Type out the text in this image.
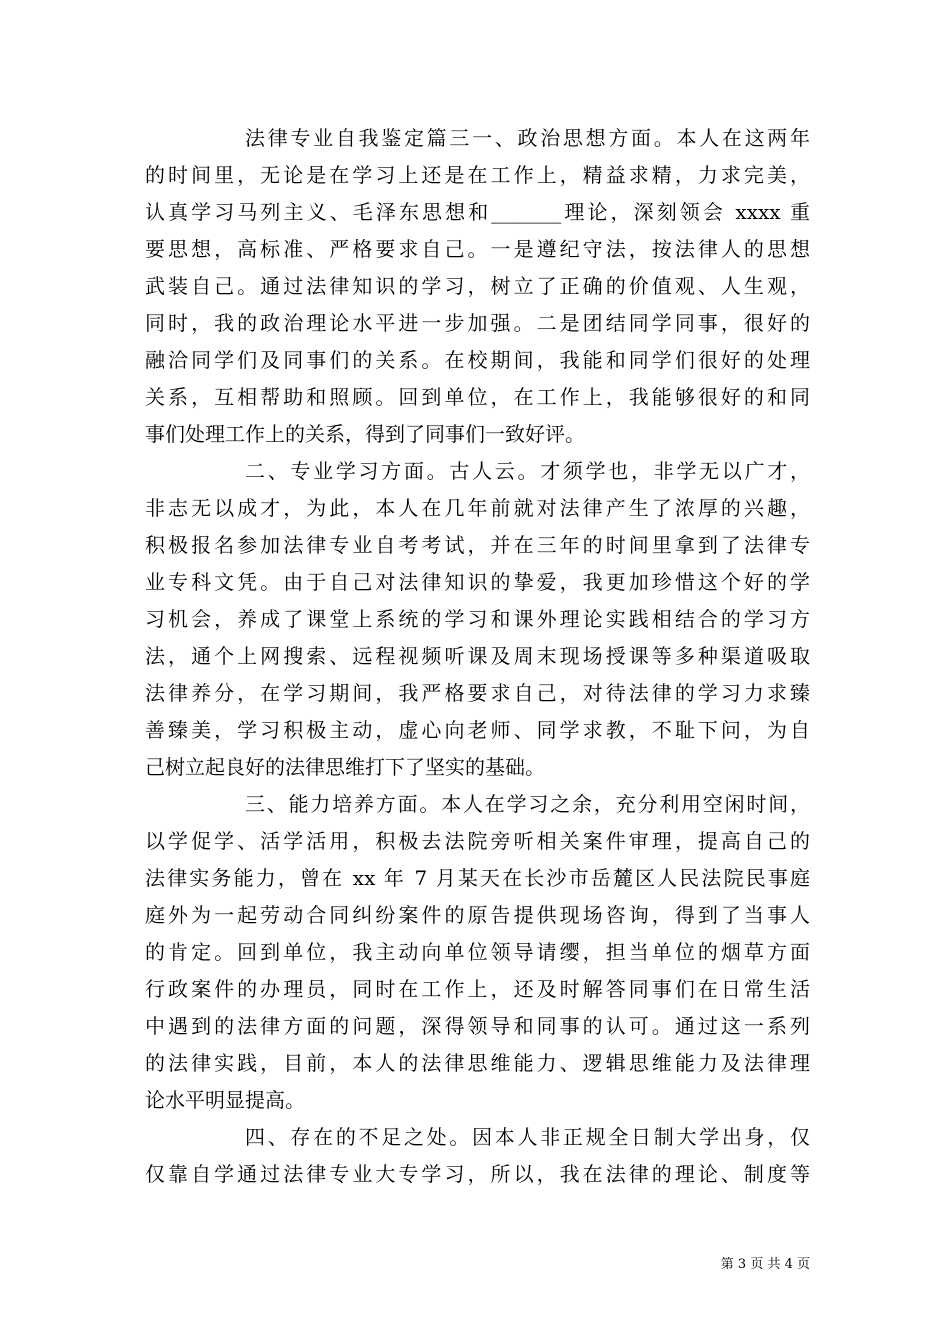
法律专业自我鉴定篇三一、政治思想方面。本人在这两年
的时间里，无论是在学习上还是在工作上，精益求精，力求完美，
认真学习马列主义、毛泽东思想和_______理论，深刻领会 xxxx 重
要思想，高标准、严格要求自己。一是遵纪守法，按法律人的思想
武装自己。通过法律知识的学习，树立了正确的价值观、人生观，
同时，我的政治理论水平进一步加强。二是团结同学同事，很好的
融洽同学们及同事们的关系。在校期间，我能和同学们很好的处理
关系，互相帮助和照顾。回到单位，在工作上，我能够很好的和同
事们处理工作上的关系，得到了同事们一致好评。
二、专业学习方面。古人云。才须学也，非学无以广才，
非志无以成才，为此，本人在几年前就对法律产生了浓厚的兴趣，
积极报名参加法律专业自考考试，并在三年的时间里拿到了法律专
业专科文凭。由于自己对法律知识的挚爱，我更加珍惜这个好的学
习机会，养成了课堂上系统的学习和课外理论实践相结合的学习方
法，通个上网搜索、远程视频听课及周末现场授课等多种渠道吸取
法律养分，在学习期间，我严格要求自己，对待法律的学习力求臻
善臻美，学习积极主动，虚心向老师、同学求教，不耻下问，为自
己树立起良好的法律思维打下了坚实的基础。
三、能力培养方面。本人在学习之余，充分利用空闲时间，
以学促学、活学活用，积极去法院旁听相关案件审理，提高自己的
法律实务能力，曾在 xx 年 7 月某天在长沙市岳麓区人民法院民事庭
庭外为一起劳动合同纠纷案件的原告提供现场咨询，得到了当事人
的肯定。回到单位，我主动向单位领导请缨，担当单位的烟草方面
行政案件的办理员，同时在工作上，还及时解答同事们在日常生活
中遇到的法律方面的问题，深得领导和同事的认可。通过这一系列
的法律实践，目前，本人的法律思维能力、逻辑思维能力及法律理
论水平明显提高。
四、存在的不足之处。因本人非正规全日制大学出身，仅
仅靠自学通过法律专业大专学习，所以，我在法律的理论、制度等
第 3 页 共 4 页
